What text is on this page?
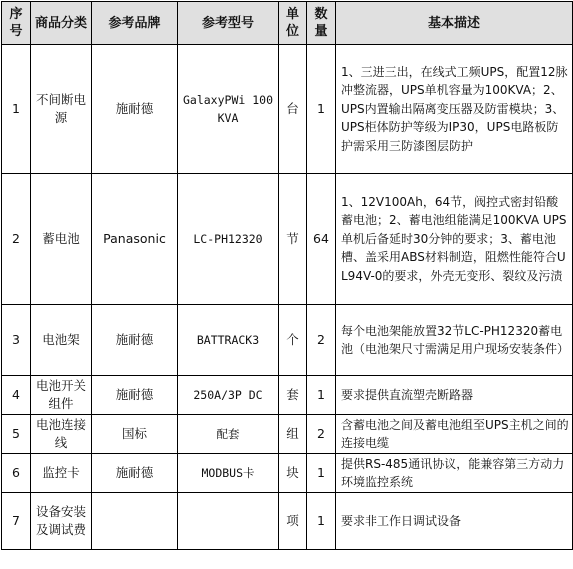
序号	商品分类	参考品牌	参考型号	单位	数量	基本描述
1	不间断电源	施耐德	GalaxyPWi 100KVA	台	1	1、三进三出，在线式工频UPS，配置12脉冲整流器，UPS单机容量为100KVA；2、UPS内置输出隔离变压器及防雷模块；3、UPS柜体防护等级为IP30，UPS电路板防护需采用三防漆图层防护
2	蓄电池	Panasonic	LC-PH12320	节	64	1、12V100Ah，64节，阀控式密封铅酸蓄电池；2、蓄电池组能满足100KVA UPS单机后备延时30分钟的要求；3、蓄电池槽、盖采用ABS材料制造，阻燃性能符合UL94V-0的要求，外壳无变形、裂纹及污渍
3	电池架	施耐德	BATTRACK3	个	2	每个电池架能放置32节LC-PH12320蓄电池（电池架尺寸需满足用户现场安装条件）
4	电池开关组件	施耐德	250A/3P DC	套	1	要求提供直流塑壳断路器
5	电池连接线	国标	配套	组	2	含蓄电池之间及蓄电池组至UPS主机之间的连接电缆
6	监控卡	施耐德	MODBUS卡	块	1	提供RS-485通讯协议，能兼容第三方动力环境监控系统
7	设备安装及调试费			项	1	要求非工作日调试设备
